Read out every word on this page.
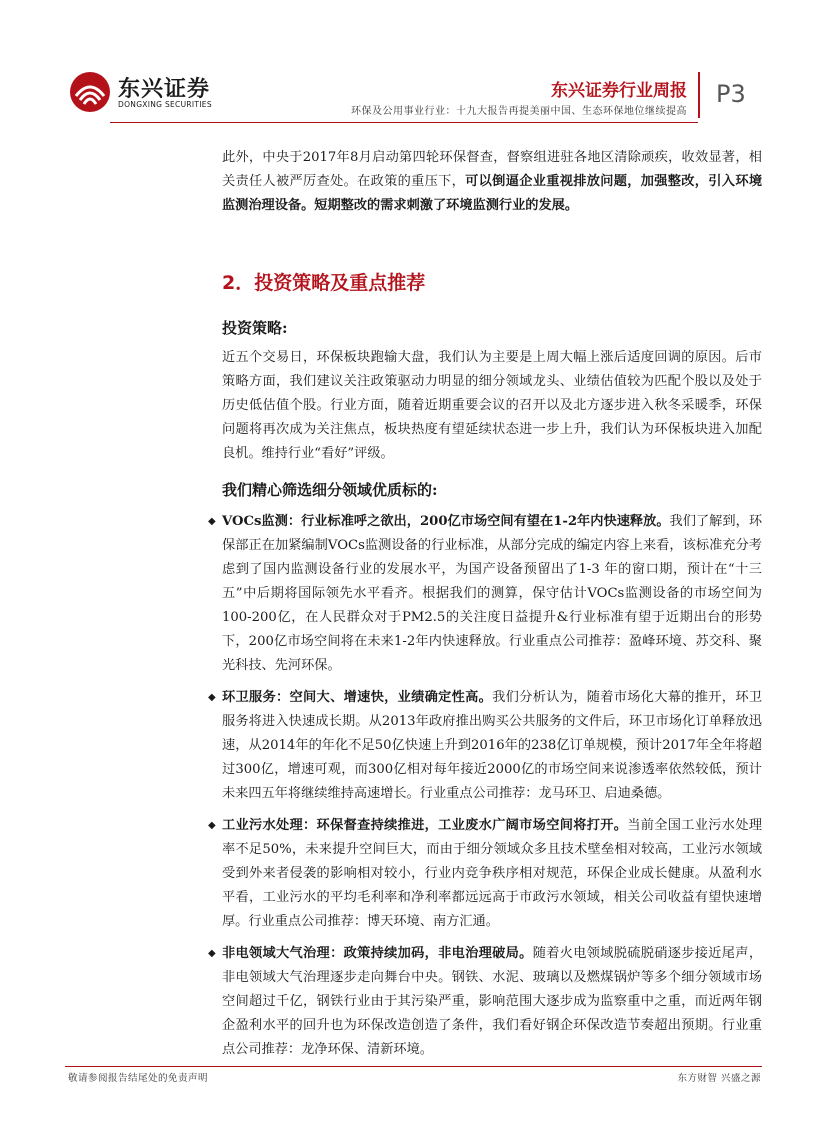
东兴证券
DONGXING SECURITIES
东兴证券行业周报
环保及公用事业行业：十九大报告再提美丽中国、生态环保地位继续提高
P3

此外，中央于2017年8月启动第四轮环保督查，督察组进驻各地区清除顽疾，收效显著，相关责任人被严厉查处。在政策的重压下，可以倒逼企业重视排放问题，加强整改，引入环境监测治理设备。短期整改的需求刺激了环境监测行业的发展。

2．投资策略及重点推荐

投资策略:

近五个交易日，环保板块跑输大盘，我们认为主要是上周大幅上涨后适度回调的原因。后市策略方面，我们建议关注政策驱动力明显的细分领域龙头、业绩估值较为匹配个股以及处于历史低估值个股。行业方面，随着近期重要会议的召开以及北方逐步进入秋冬采暖季，环保问题将再次成为关注焦点，板块热度有望延续状态进一步上升，我们认为环保板块进入加配良机。维持行业“看好”评级。

我们精心筛选细分领域优质标的:

◆ VOCs监测：行业标准呼之欲出，200亿市场空间有望在1-2年内快速释放。我们了解到，环保部正在加紧编制VOCs监测设备的行业标准，从部分完成的编定内容上来看，该标准充分考虑到了国内监测设备行业的发展水平，为国产设备预留出了1-3 年的窗口期，预计在“十三五”中后期将国际领先水平看齐。根据我们的测算，保守估计VOCs监测设备的市场空间为100-200亿，在人民群众对于PM2.5的关注度日益提升&行业标准有望于近期出台的形势下，200亿市场空间将在未来1-2年内快速释放。行业重点公司推荐：盈峰环境、苏交科、聚光科技、先河环保。
◆ 环卫服务：空间大、增速快，业绩确定性高。我们分析认为，随着市场化大幕的推开，环卫服务将进入快速成长期。从2013年政府推出购买公共服务的文件后，环卫市场化订单释放迅速，从2014年的年化不足50亿快速上升到2016年的238亿订单规模，预计2017年全年将超过300亿，增速可观，而300亿相对每年接近2000亿的市场空间来说渗透率依然较低，预计未来四五年将继续维持高速增长。行业重点公司推荐：龙马环卫、启迪桑德。
◆ 工业污水处理：环保督查持续推进，工业废水广阔市场空间将打开。当前全国工业污水处理率不足50%，未来提升空间巨大，而由于细分领域众多且技术壁垒相对较高，工业污水领域受到外来者侵袭的影响相对较小，行业内竞争秩序相对规范，环保企业成长健康。从盈利水平看，工业污水的平均毛利率和净利率都远远高于市政污水领域，相关公司收益有望快速增厚。行业重点公司推荐：博天环境、南方汇通。
◆ 非电领域大气治理：政策持续加码，非电治理破局。随着火电领域脱硫脱硝逐步接近尾声，非电领域大气治理逐步走向舞台中央。钢铁、水泥、玻璃以及燃煤锅炉等多个细分领域市场空间超过千亿，钢铁行业由于其污染严重，影响范围大逐步成为监察重中之重，而近两年钢企盈利水平的回升也为环保改造创造了条件，我们看好钢企环保改造节奏超出预期。行业重点公司推荐：龙净环保、清新环境。
敬请参阅报告结尾处的免责声明	东方财智 兴盛之源
